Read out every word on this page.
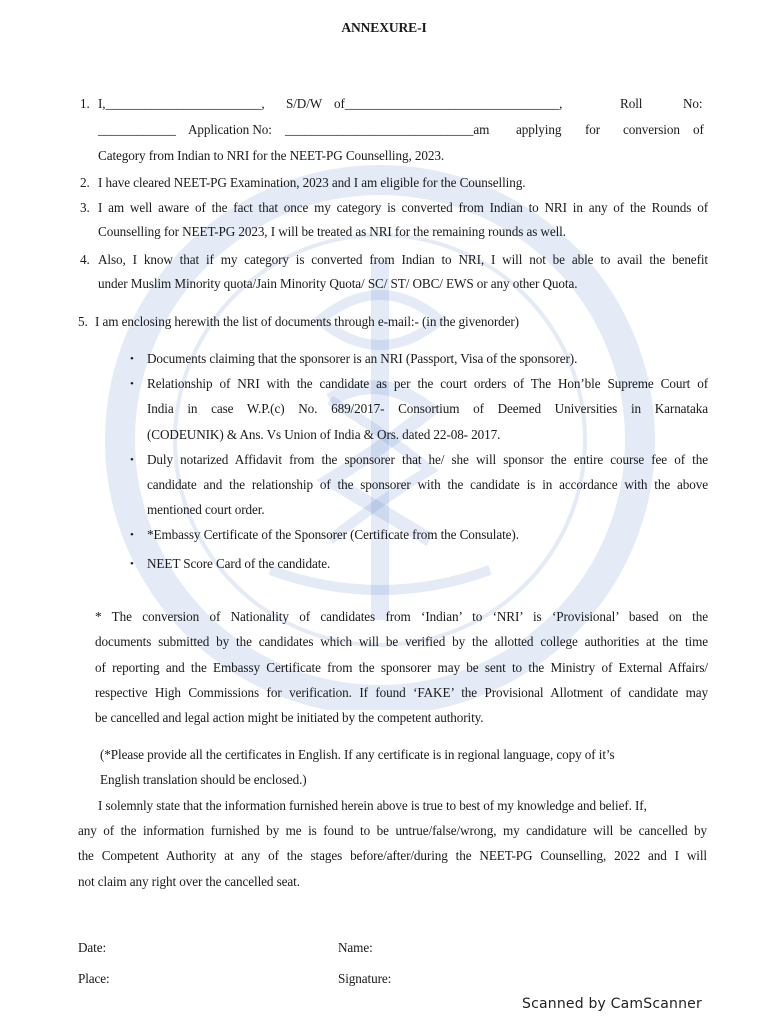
ANNEXURE-I
1. I,________________________, S/D/W of_________________________________,	Roll	No:
____________ Application No: _____________________________am applying for conversion of
Category from Indian to NRI for the NEET-PG Counselling, 2023.
2. I have cleared NEET-PG Examination, 2023 and I am eligible for the Counselling.
3. I am well aware of the fact that once my category is converted from Indian to NRI in any of the Rounds of
Counselling for NEET-PG 2023, I will be treated as NRI for the remaining rounds as well.
4. Also, I know that if my category is converted from Indian to NRI, I will not be able to avail the benefit
under Muslim Minority quota/Jain Minority Quota/ SC/ ST/ OBC/ EWS or any other Quota.
5. I am enclosing herewith the list of documents through e-mail:- (in the givenorder)
• Documents claiming that the sponsorer is an NRI (Passport, Visa of the sponsorer).
• Relationship of NRI with the candidate as per the court orders of The Hon’ble Supreme Court of
India in case W.P.(c) No. 689/2017- Consortium of Deemed Universities in Karnataka
(CODEUNIK) & Ans. Vs Union of India & Ors. dated 22-08- 2017.
• Duly notarized Affidavit from the sponsorer that he/ she will sponsor the entire course fee of the
candidate and the relationship of the sponsorer with the candidate is in accordance with the above
mentioned court order.
• *Embassy Certificate of the Sponsorer (Certificate from the Consulate).
• NEET Score Card of the candidate.
* The conversion of Nationality of candidates from ‘Indian’ to ‘NRI’ is ‘Provisional’ based on the
documents submitted by the candidates which will be verified by the allotted college authorities at the time
of reporting and the Embassy Certificate from the sponsorer may be sent to the Ministry of External Affairs/
respective High Commissions for verification. If found ‘FAKE’ the Provisional Allotment of candidate may
be cancelled and legal action might be initiated by the competent authority.
(*Please provide all the certificates in English. If any certificate is in regional language, copy of it’s
English translation should be enclosed.)
I solemnly state that the information furnished herein above is true to best of my knowledge and belief. If,
any of the information furnished by me is found to be untrue/false/wrong, my candidature will be cancelled by
the Competent Authority at any of the stages before/after/during the NEET-PG Counselling, 2022 and I will
not claim any right over the cancelled seat.
Date:	Name:
Place:	Signature:
Scanned by CamScanner
